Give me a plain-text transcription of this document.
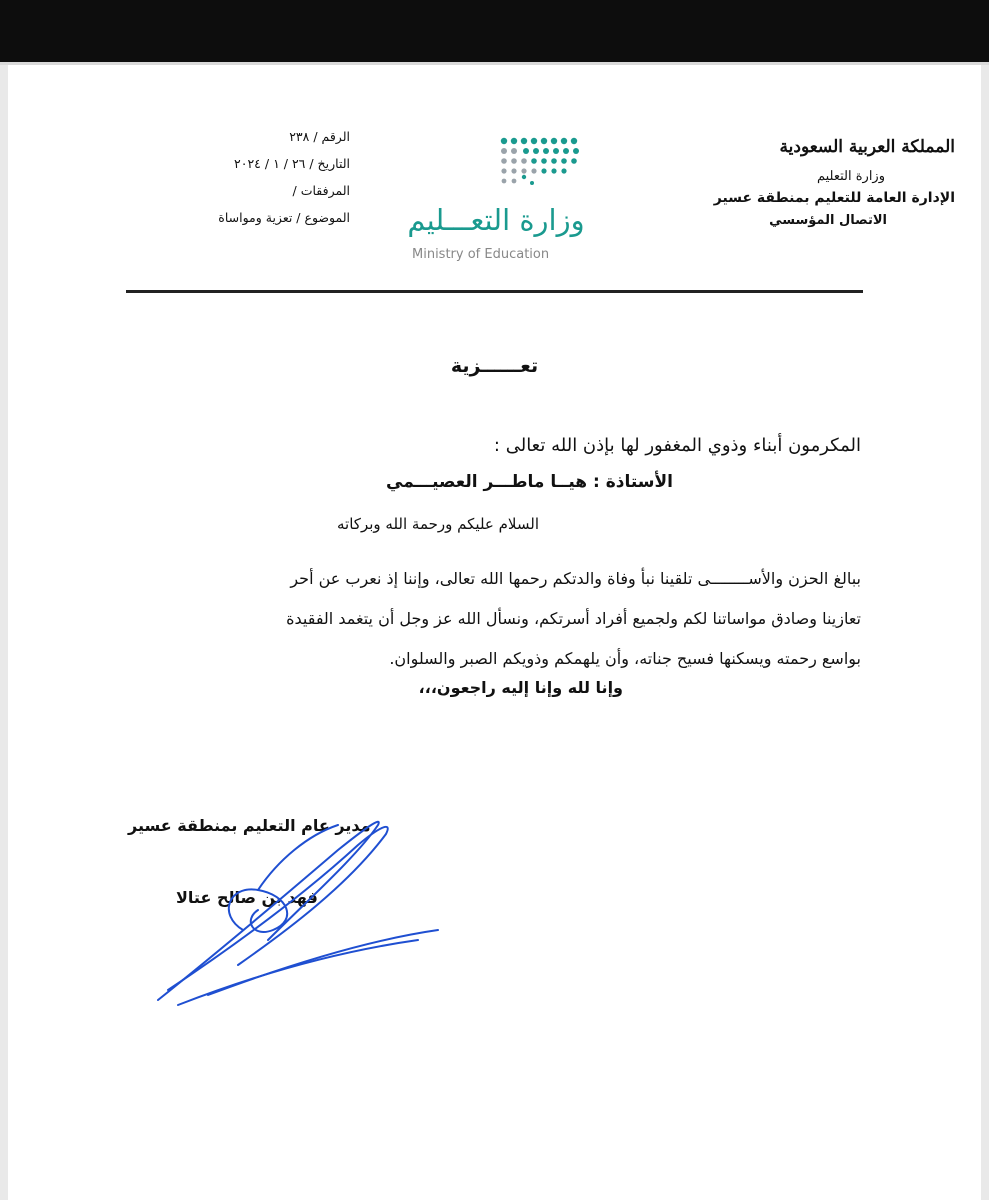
المملكة العربية السعودية
وزارة التعليم
الإدارة العامة للتعليم بمنطقة عسير
الاتصال المؤسسي
وزارة التعـــليم
Ministry of Education
الرقم / ٢٣٨
التاريخ / ٢٦ / ١ / ٢٠٢٤
المرفقات /
الموضوع / تعزية ومواساة
تعــــــزية
المكرمون أبناء وذوي المغفور لها بإذن الله تعالى :
الأستاذة : هيــا ماطـــر العصيـــمي
السلام عليكم ورحمة الله وبركاته
ببالغ الحزن والأســــــــى تلقينا نبأ وفاة والدتكم رحمها الله تعالى، وإننا إذ نعرب عن أحر
تعازينا وصادق مواساتنا لكم ولجميع أفراد أسرتكم، ونسأل الله عز وجل أن يتغمد الفقيدة
بواسع رحمته ويسكنها فسيح جناته، وأن يلهمكم وذويكم الصبر والسلوان.
وإنا لله وإنا إليه راجعون،،،
مدير عام التعليم بمنطقة عسير
فهد بن صالح عتالا
